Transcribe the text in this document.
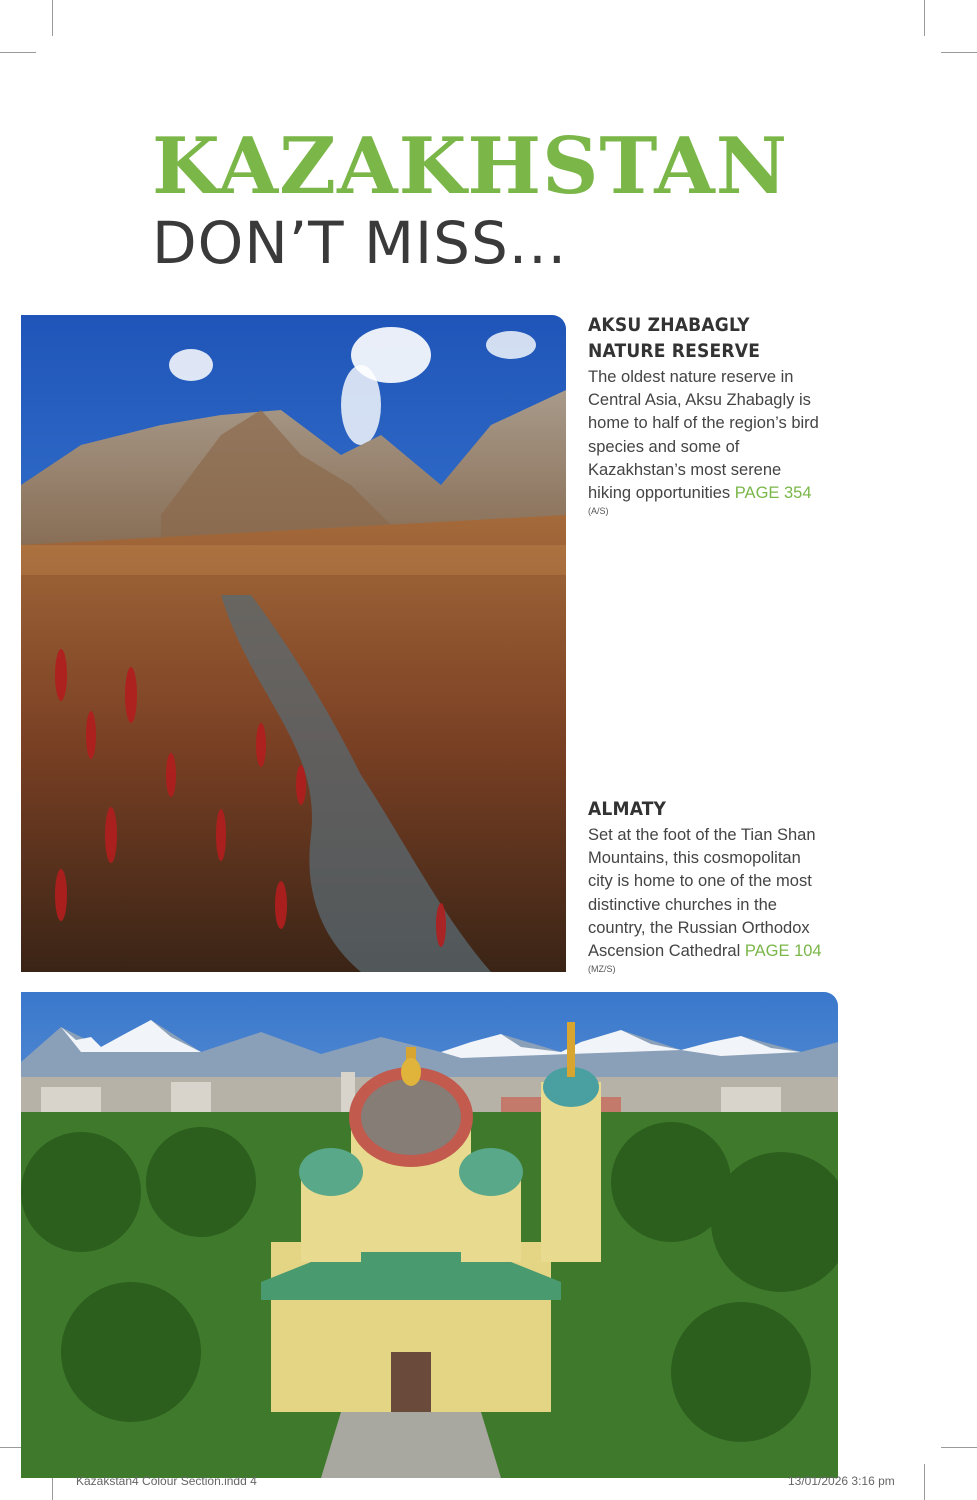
KAZAKHSTAN
DON’T MISS...
AKSU ZHABAGLY
NATURE RESERVE

The oldest nature reserve in Central Asia, Aksu Zhabagly is home to half of the region’s bird species and some of Kazakhstan’s most serene hiking opportunities PAGE 354
(A/S)

ALMATY

Set at the foot of the Tian Shan Mountains, this cosmopolitan city is home to one of the most distinctive churches in the country, the Russian Orthodox Ascension Cathedral PAGE 104
(MZ/S)

Kazakstan4 Colour Section.indd 4	13/01/2026 3:16 pm
